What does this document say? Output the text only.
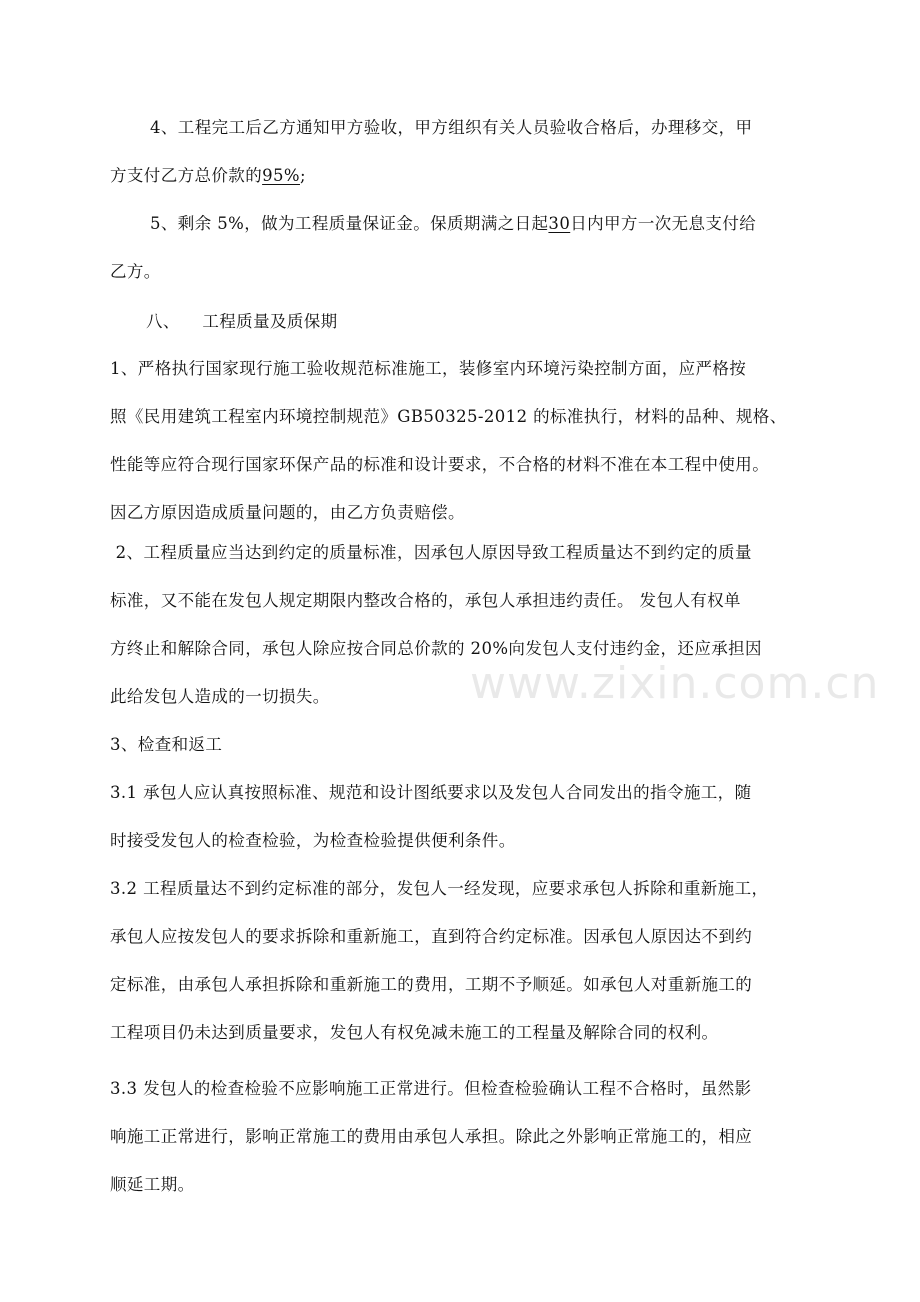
www.zixin.com.cn
4、工程完工后乙方通知甲方验收，甲方组织有关人员验收合格后，办理移交，甲
方支付乙方总价款的95%;
5、剩余 5%，做为工程质量保证金。保质期满之日起30日内甲方一次无息支付给
乙方。
八、    工程质量及质保期
1、严格执行国家现行施工验收规范标准施工，装修室内环境污染控制方面，应严格按
照《民用建筑工程室内环境控制规范》GB50325-2012 的标准执行，材料的品种、规格、
性能等应符合现行国家环保产品的标准和设计要求，不合格的材料不准在本工程中使用。
因乙方原因造成质量问题的，由乙方负责赔偿。
2、工程质量应当达到约定的质量标准，因承包人原因导致工程质量达不到约定的质量
标准，又不能在发包人规定期限内整改合格的，承包人承担违约责任。 发包人有权单
方终止和解除合同，承包人除应按合同总价款的 20%向发包人支付违约金，还应承担因
此给发包人造成的一切损失。
3、检查和返工
3.1 承包人应认真按照标准、规范和设计图纸要求以及发包人合同发出的指令施工，随
时接受发包人的检查检验，为检查检验提供便利条件。
3.2 工程质量达不到约定标准的部分，发包人一经发现，应要求承包人拆除和重新施工，
承包人应按发包人的要求拆除和重新施工，直到符合约定标准。因承包人原因达不到约
定标准，由承包人承担拆除和重新施工的费用，工期不予顺延。如承包人对重新施工的
工程项目仍未达到质量要求，发包人有权免减未施工的工程量及解除合同的权利。
3.3 发包人的检查检验不应影响施工正常进行。但检查检验确认工程不合格时，虽然影
响施工正常进行，影响正常施工的费用由承包人承担。除此之外影响正常施工的，相应
顺延工期。
